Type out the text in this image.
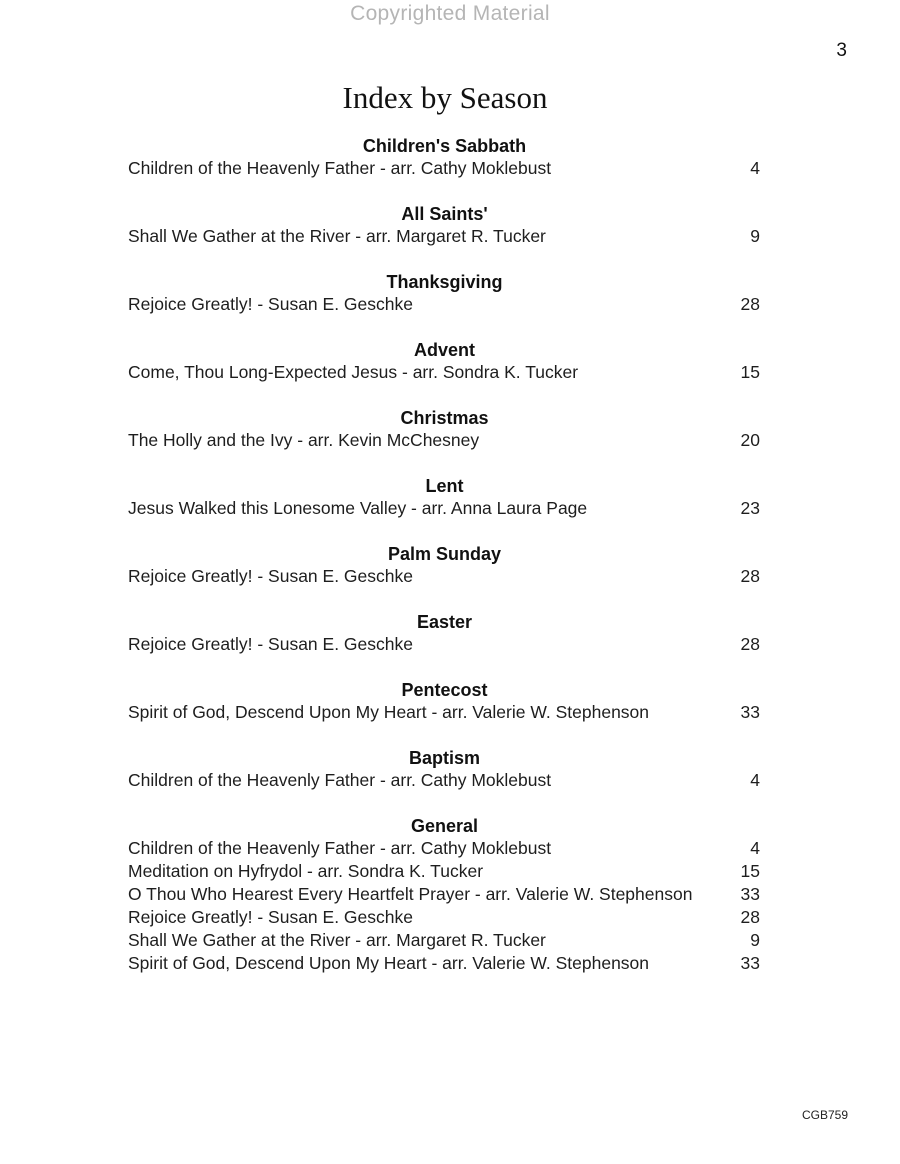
Copyrighted Material
3
Index by Season
Children's Sabbath
Children of the Heavenly Father - arr. Cathy Moklebust	4
All Saints'
Shall We Gather at the River - arr. Margaret R. Tucker	9
Thanksgiving
Rejoice Greatly! - Susan E. Geschke	28
Advent
Come, Thou Long-Expected Jesus - arr. Sondra K. Tucker	15
Christmas
The Holly and the Ivy - arr. Kevin McChesney	20
Lent
Jesus Walked this Lonesome Valley - arr. Anna Laura Page	23
Palm Sunday
Rejoice Greatly! - Susan E. Geschke	28
Easter
Rejoice Greatly! - Susan E. Geschke	28
Pentecost
Spirit of God, Descend Upon My Heart - arr. Valerie W. Stephenson	33
Baptism
Children of the Heavenly Father - arr. Cathy Moklebust	4
General
Children of the Heavenly Father - arr. Cathy Moklebust	4
Meditation on Hyfrydol - arr. Sondra K. Tucker	15
O Thou Who Hearest Every Heartfelt Prayer - arr. Valerie W. Stephenson	33
Rejoice Greatly! - Susan E. Geschke	28
Shall We Gather at the River - arr. Margaret R. Tucker	9
Spirit of God, Descend Upon My Heart - arr. Valerie W. Stephenson	33
CGB759
